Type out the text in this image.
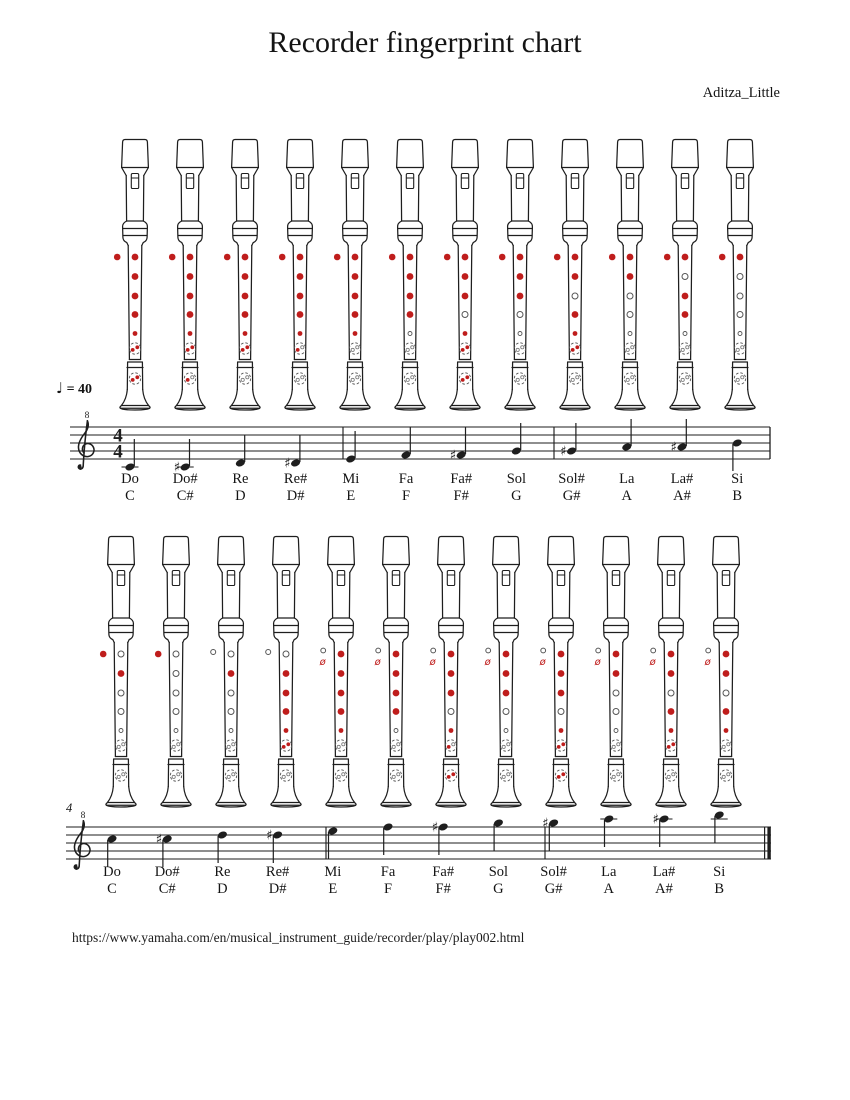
ø	ø	ø	ø	ø	ø	ø	ø
8
4
4
♯	♯	♯	♯	♯
8
♯	♯	♯	♯	♯
Recorder fingerprint chart
Aditza_Little
♩ = 40
4
Do
C
Do#
C#
Re
D
Re#
D#
Mi
E
Fa
F
Fa#
F#
Sol
G
Sol#
G#
La
A
La#
A#
Si
B
Do
C
Do#
C#
Re
D
Re#
D#
Mi
E
Fa
F
Fa#
F#
Sol
G
Sol#
G#
La
A
La#
A#
Si
B
https://www.yamaha.com/en/musical_instrument_guide/recorder/play/play002.html
